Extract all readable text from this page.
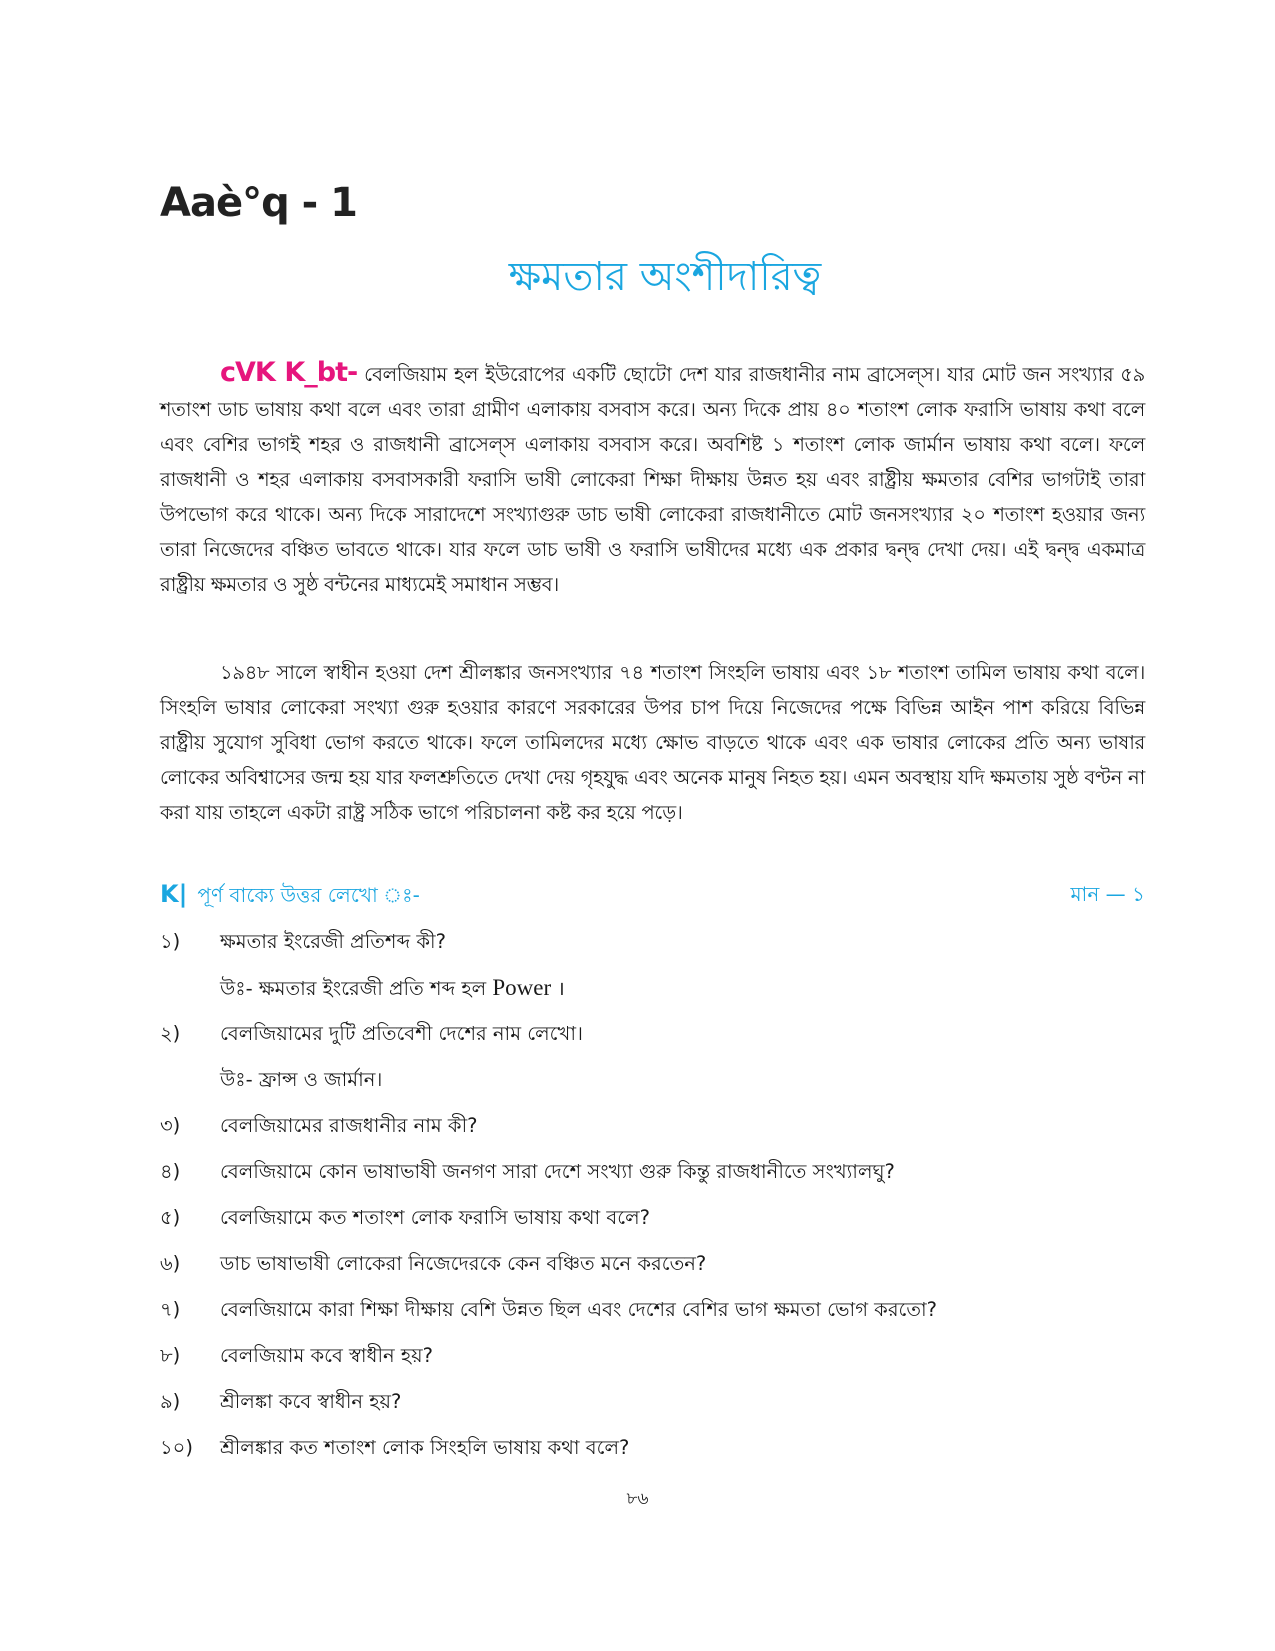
Aaè°q - 1
ক্ষমতার অংশীদারিত্ব
cVK K_bt- বেলজিয়াম হল ইউরোপের একটি ছোটো দেশ যার রাজধানীর নাম ব্রাসেল্‌স। যার মোট জন সংখ্যার ৫৯ শতাংশ ডাচ ভাষায় কথা বলে এবং তারা গ্রামীণ এলাকায় বসবাস করে। অন্য দিকে প্রায় ৪০ শতাংশ লোক ফরাসি ভাষায় কথা বলে এবং বেশির ভাগই শহর ও রাজধানী ব্রাসেল্‌স এলাকায় বসবাস করে। অবশিষ্ট ১ শতাংশ লোক জার্মান ভাষায় কথা বলে। ফলে রাজধানী ও শহর এলাকায় বসবাসকারী ফরাসি ভাষী লোকেরা শিক্ষা দীক্ষায় উন্নত হয় এবং রাষ্ট্রীয় ক্ষমতার বেশির ভাগটাই তারা উপভোগ করে থাকে। অন্য দিকে সারাদেশে সংখ্যাগুরু ডাচ ভাষী লোকেরা রাজধানীতে মোট জনসংখ্যার ২০ শতাংশ হওয়ার জন্য তারা নিজেদের বঞ্চিত ভাবতে থাকে। যার ফলে ডাচ ভাষী ও ফরাসি ভাষীদের মধ্যে এক প্রকার দ্বন্দ্ব দেখা দেয়। এই দ্বন্দ্ব একমাত্র রাষ্ট্রীয় ক্ষমতার ও সুষ্ঠ বন্টনের মাধ্যমেই সমাধান সম্ভব।
১৯৪৮ সালে স্বাধীন হওয়া দেশ শ্রীলঙ্কার জনসংখ্যার ৭৪ শতাংশ সিংহলি ভাষায় এবং ১৮ শতাংশ তামিল ভাষায় কথা বলে। সিংহলি ভাষার লোকেরা সংখ্যা গুরু হওয়ার কারণে সরকারের উপর চাপ দিয়ে নিজেদের পক্ষে বিভিন্ন আইন পাশ করিয়ে বিভিন্ন রাষ্ট্রীয় সুযোগ সুবিধা ভোগ করতে থাকে। ফলে তামিলদের মধ্যে ক্ষোভ বাড়তে থাকে এবং এক ভাষার লোকের প্রতি অন্য ভাষার লোকের অবিশ্বাসের জন্ম হয় যার ফলশ্রুতিতে দেখা দেয় গৃহযুদ্ধ এবং অনেক মানুষ নিহত হয়। এমন অবস্থায় যদি ক্ষমতায় সুষ্ঠ বণ্টন না করা যায় তাহলে একটা রাষ্ট্র সঠিক ভাগে পরিচালনা কষ্ট কর হয়ে পড়ে।
K| পূর্ণ বাক্যে উত্তর লেখো ঃ-	মান — ১
১)	ক্ষমতার ইংরেজী প্রতিশব্দ কী?
উঃ- ক্ষমতার ইংরেজী প্রতি শব্দ হল Power ।
২)	বেলজিয়ামের দুটি প্রতিবেশী দেশের নাম লেখো।
উঃ- ফ্রান্স ও জার্মান।
৩)	বেলজিয়ামের রাজধানীর নাম কী?
৪)	বেলজিয়ামে কোন ভাষাভাষী জনগণ সারা দেশে সংখ্যা গুরু কিন্তু রাজধানীতে সংখ্যালঘু?
৫)	বেলজিয়ামে কত শতাংশ লোক ফরাসি ভাষায় কথা বলে?
৬)	ডাচ ভাষাভাষী লোকেরা নিজেদেরকে কেন বঞ্চিত মনে করতেন?
৭)	বেলজিয়ামে কারা শিক্ষা দীক্ষায় বেশি উন্নত ছিল এবং দেশের বেশির ভাগ ক্ষমতা ভোগ করতো?
৮)	বেলজিয়াম কবে স্বাধীন হয়?
৯)	শ্রীলঙ্কা কবে স্বাধীন হয়?
১০)	শ্রীলঙ্কার কত শতাংশ লোক সিংহলি ভাষায় কথা বলে?
৮৬
